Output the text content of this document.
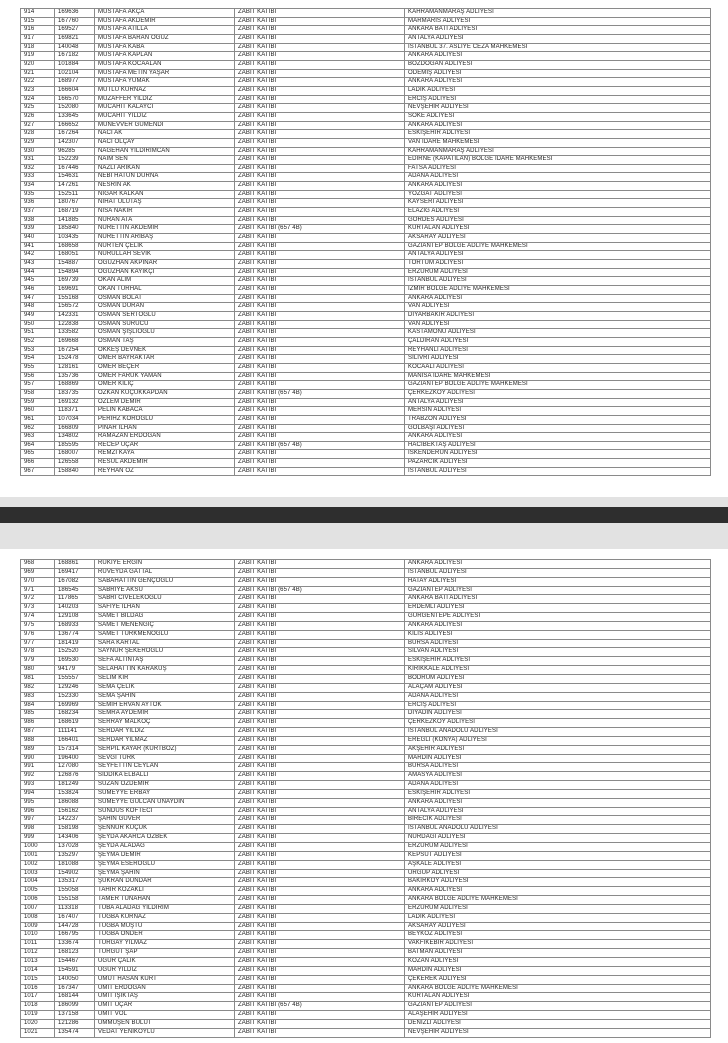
914	169636	MUSTAFA AKÇA	ZABIT KATİBİ	KAHRAMANMARAŞ ADLİYESİ
915	167760	MUSTAFA AKDEMİR	ZABIT KATİBİ	MARMARİS ADLİYESİ
916	169527	MUSTAFA ATİLLA	ZABIT KATİBİ	ANKARA BATI ADLİYESİ
917	169821	MUSTAFA BARAN OĞUZ	ZABIT KATİBİ	ANTALYA ADLİYESİ
918	140048	MUSTAFA KABA	ZABIT KATİBİ	İSTANBUL 37. ASLİYE CEZA MAHKEMESİ
919	167182	MUSTAFA KAPLAN	ZABIT KATİBİ	ANKARA ADLİYESİ
920	101884	MUSTAFA KOCAALAN	ZABIT KATİBİ	BOZDOĞAN ADLİYESİ
921	102104	MUSTAFA METİN YAŞAR	ZABIT KATİBİ	ÖDEMİŞ ADLİYESİ
922	168977	MUSTAFA YUMAK	ZABIT KATİBİ	ANKARA ADLİYESİ
923	166604	MUTLU KURNAZ	ZABIT KATİBİ	LADİK ADLİYESİ
924	166570	MUZAFFER YILDIZ	ZABIT KATİBİ	ERCİŞ ADLİYESİ
925	152080	MÜCAHİT KALAYCI	ZABIT KATİBİ	NEVŞEHİR ADLİYESİ
926	133645	MÜCAHİT YILDIZ	ZABIT KATİBİ	SÖKE ADLİYESİ
927	166652	MÜNEVVER GÜMENDİ	ZABIT KATİBİ	ANKARA ADLİYESİ
928	167264	NACİ AK	ZABIT KATİBİ	ESKİŞEHİR ADLİYESİ
929	142307	NACİ OLÇAY	ZABIT KATİBİ	VAN İDARE MAHKEMESİ
930	96285	NAGEHAN YILDIRIMCAN	ZABIT KATİBİ	KAHRAMANMARAŞ ADLİYESİ
931	152239	NAİM SEN	ZABIT KATİBİ	EDİRNE (KAPATILAN) BÖLGE İDARE MAHKEMESİ
932	167446	NAZLI ARIKAN	ZABIT KATİBİ	FATSA ADLİYESİ
933	154631	NEBİ HATUN DURNA	ZABIT KATİBİ	ADANA ADLİYESİ
934	147261	NESRİN AK	ZABIT KATİBİ	ANKARA ADLİYESİ
935	152511	NİGAR KALKAN	ZABIT KATİBİ	YOZGAT ADLİYESİ
936	180767	NİHAT ULUTAŞ	ZABIT KATİBİ	KAYSERİ ADLİYESİ
937	168719	NİSA NAKIR	ZABIT KATİBİ	ELAZIĞ ADLİYESİ
938	141885	NURAN ATA	ZABIT KATİBİ	GÖRDES ADLİYESİ
939	185840	NURETTİN AKDEMİR	ZABIT KATİBİ (657 4B)	KURTALAN ADLİYESİ
940	103435	NURETTİN ARIBAŞ	ZABIT KATİBİ	AKSARAY ADLİYESİ
941	168658	NURTEN ÇELİK	ZABIT KATİBİ	GAZİANTEP BÖLGE ADLİYE MAHKEMESİ
942	168051	NURULLAH SEVİK	ZABIT KATİBİ	ANTALYA ADLİYESİ
943	154887	OĞUZHAN AKPINAR	ZABIT KATİBİ	TORTUM ADLİYESİ
944	154894	OĞUZHAN KAYIKÇI	ZABIT KATİBİ	ERZURUM ADLİYESİ
945	169739	OKAN ALIM	ZABIT KATİBİ	İSTANBUL ADLİYESİ
946	169691	OKAN TURHAL	ZABIT KATİBİ	İZMİR BÖLGE ADLİYE MAHKEMESİ
947	155168	OSMAN BOLAT	ZABIT KATİBİ	ANKARA ADLİYESİ
948	156572	OSMAN DURAN	ZABIT KATİBİ	VAN ADLİYESİ
949	142331	OSMAN SERTOĞLU	ZABIT KATİBİ	DİYARBAKIR ADLİYESİ
950	122838	OSMAN SÜRÜCÜ	ZABIT KATİBİ	VAN ADLİYESİ
951	133582	OSMAN ŞIŞLIOĞLU	ZABIT KATİBİ	KASTAMONU ADLİYESİ
952	169668	OSMAN TAŞ	ZABIT KATİBİ	ÇALDIRAN ADLİYESİ
953	167254	ÖKKEŞ DEVNEK	ZABIT KATİBİ	REYHANLI ADLİYESİ
954	152478	ÖMER BAYRAKTAR	ZABIT KATİBİ	SİLİVRİ ADLİYESİ
955	128161	ÖMER BEÇER	ZABIT KATİBİ	KOCAALİ ADLİYESİ
956	135736	ÖMER FARUK YAMAN	ZABIT KATİBİ	MANİSA İDARE MAHKEMESİ
957	168869	ÖMER KILIÇ	ZABIT KATİBİ	GAZİANTEP BÖLGE ADLİYE MAHKEMESİ
958	183735	ÖZKAN KÜÇÜKKAPDAN	ZABIT KATİBİ (657 4B)	ÇERKEZKÖY ADLİYESİ
959	169132	ÖZLEM DEMİR	ZABIT KATİBİ	ANTALYA ADLİYESİ
960	118371	PELİN KABACA	ZABIT KATİBİ	MERSİN ADLİYESİ
961	107034	PERİHZ KÖROĞLU	ZABIT KATİBİ	TRABZON ADLİYESİ
962	166809	PINAR İLHAN	ZABIT KATİBİ	GÖLBAŞI ADLİYESİ
963	134802	RAMAZAN ERDOĞAN	ZABIT KATİBİ	ANKARA ADLİYESİ
964	185595	RECEP UÇAR	ZABIT KATİBİ (657 4B)	HACIBEKTAŞ ADLİYESİ
965	168007	REMZİ KAYA	ZABIT KATİBİ	İSKENDERUN ADLİYESİ
966	126558	RESUL AKDEMİR	ZABIT KATİBİ	PAZARCIK ADLİYESİ
967	158840	REYHAN ÖZ	ZABIT KATİBİ	İSTANBUL ADLİYESİ
968	168861	RÜKİYE ERGİN	ZABIT KATİBİ	ANKARA ADLİYESİ
969	169417	RUVEYDA GATTAL	ZABIT KATİBİ	İSTANBUL ADLİYESİ
970	167082	SABAHATTİN GENÇOĞLU	ZABIT KATİBİ	HATAY ADLİYESİ
971	186545	SABRİYE AKSU	ZABIT KATİBİ (657 4B)	GAZİANTEP ADLİYESİ
972	117865	SABRİ CİVELEKOĞLU	ZABIT KATİBİ	ANKARA BATI ADLİYESİ
973	140203	SAFİYE İLHAN	ZABIT KATİBİ	ERDEMLİ ADLİYESİ
974	129108	SAMET BİLDAĞ	ZABIT KATİBİ	GÜRGENTEPE ADLİYESİ
975	168933	SAMET MENENGİÇ	ZABIT KATİBİ	ANKARA ADLİYESİ
976	136774	SAMET TÜRKMENOĞLU	ZABIT KATİBİ	KİLİS ADLİYESİ
977	181419	SARA KARTAL	ZABIT KATİBİ	BURSA ADLİYESİ
978	152520	SAYNUR ŞEKEROĞLU	ZABIT KATİBİ	SİLVAN ADLİYESİ
979	169530	SEFA ALTINTAŞ	ZABIT KATİBİ	ESKİŞEHİR ADLİYESİ
980	94179	SELAHATTİN KARAKUŞ	ZABIT KATİBİ	KIRIKKALE ADLİYESİ
981	155557	SELİM KIR	ZABIT KATİBİ	BODRUM ADLİYESİ
982	129246	SEMA ÇELİK	ZABIT KATİBİ	ALAÇAM ADLİYESİ
983	152330	SEMA ŞAHİN	ZABIT KATİBİ	ADANA ADLİYESİ
984	169969	SEMİH ERVAN AYTOK	ZABIT KATİBİ	ERCİŞ ADLİYESİ
985	168234	SEMRA AYDEMİR	ZABIT KATİBİ	DİYADİN ADLİYESİ
986	168619	SERRAY MALKOÇ	ZABIT KATİBİ	ÇERKEZKÖY ADLİYESİ
987	111141	SERDAR YILDIZ	ZABIT KATİBİ	İSTANBUL ANADOLU ADLİYESİ
988	166401	SERDAR YILMAZ	ZABIT KATİBİ	EREĞLİ (KONYA) ADLİYESİ
989	157314	SERPİL KAYAR (KURTBOZ)	ZABIT KATİBİ	AKŞEHİR ADLİYESİ
990	196400	SEVGİ TÜRK	ZABIT KATİBİ	MARDİN ADLİYESİ
991	127080	SEYFETTİN CEYLAN	ZABIT KATİBİ	BURSA ADLİYESİ
992	126876	SIDDIKA ELBALLI	ZABIT KATİBİ	AMASYA ADLİYESİ
993	181249	SUZAN ÖZDEMİR	ZABIT KATİBİ	ADANA ADLİYESİ
994	153824	SÜMEYYE ERBAY	ZABIT KATİBİ	ESKİŞEHİR ADLİYESİ
995	186088	SÜMEYYE GÜLCAN ÜNAYDIN	ZABIT KATİBİ	ANKARA ADLİYESİ
996	156162	SÜNDÜS KÖFTECİ	ZABIT KATİBİ	ANTALYA ADLİYESİ
997	142237	ŞAHİN GÜVER	ZABIT KATİBİ	BİRECİK ADLİYESİ
998	158198	ŞENNUR KÜÇÜK	ZABIT KATİBİ	İSTANBUL ANADOLU ADLİYESİ
999	143406	ŞEYDA AKARCA ÖZBEK	ZABIT KATİBİ	NURDAĞI ADLİYESİ
1000	137028	ŞEYDA ALADAĞ	ZABIT KATİBİ	ERZURUM ADLİYESİ
1001	135297	ŞEYMA DEMİR	ZABIT KATİBİ	KEPSUT ADLİYESİ
1002	181088	ŞEYMA ESEROĞLU	ZABIT KATİBİ	AŞKALE ADLİYESİ
1003	154902	ŞEYMA ŞAHİN	ZABIT KATİBİ	ÜRGÜP ADLİYESİ
1004	135317	ŞÜKRAN DÜNDAR	ZABIT KATİBİ	BAKIRKÖY ADLİYESİ
1005	155058	TAHİR KOZAKLI	ZABIT KATİBİ	ANKARA ADLİYESİ
1006	155158	TAMER TUNAHAN	ZABIT KATİBİ	ANKARA BÖLGE ADLİYE MAHKEMESİ
1007	113318	TUBA ALADAĞ YILDIRIM	ZABIT KATİBİ	ERZURUM ADLİYESİ
1008	167407	TUĞBA KURNAZ	ZABIT KATİBİ	LADİK ADLİYESİ
1009	144728	TUĞBA MUŞTU	ZABIT KATİBİ	AKSARAY ADLİYESİ
1010	166795	TUĞBA ÖNDER	ZABIT KATİBİ	BEYKOZ ADLİYESİ
1011	133674	TURGAY YILMAZ	ZABIT KATİBİ	VAKFIKEBİR ADLİYESİ
1012	168123	TURGUT ŞAP	ZABIT KATİBİ	BATMAN ADLİYESİ
1013	154467	UĞUR ÇALIK	ZABIT KATİBİ	KOZAN ADLİYESİ
1014	154591	UĞUR YILDIZ	ZABIT KATİBİ	MARDİN ADLİYESİ
1015	140050	UMUT HASAN KURT	ZABIT KATİBİ	ÇEKEREK ADLİYESİ
1016	167347	ÜMİT ERDOĞAN	ZABIT KATİBİ	ANKARA BÖLGE ADLİYE MAHKEMESİ
1017	168144	ÜMİT İŞIKTAŞ	ZABIT KATİBİ	KURTALAN ADLİYESİ
1018	186099	ÜMİT UÇAR	ZABIT KATİBİ (657 4B)	GAZİANTEP ADLİYESİ
1019	137158	ÜMİT VOL	ZABIT KATİBİ	ALAŞEHİR ADLİYESİ
1020	121286	ÜMMÜŞEN BULUT	ZABIT KATİBİ	DENİZLİ ADLİYESİ
1021	135474	VEDAT YENİKÖYLÜ	ZABIT KATİBİ	NEVŞEHİR ADLİYESİ
